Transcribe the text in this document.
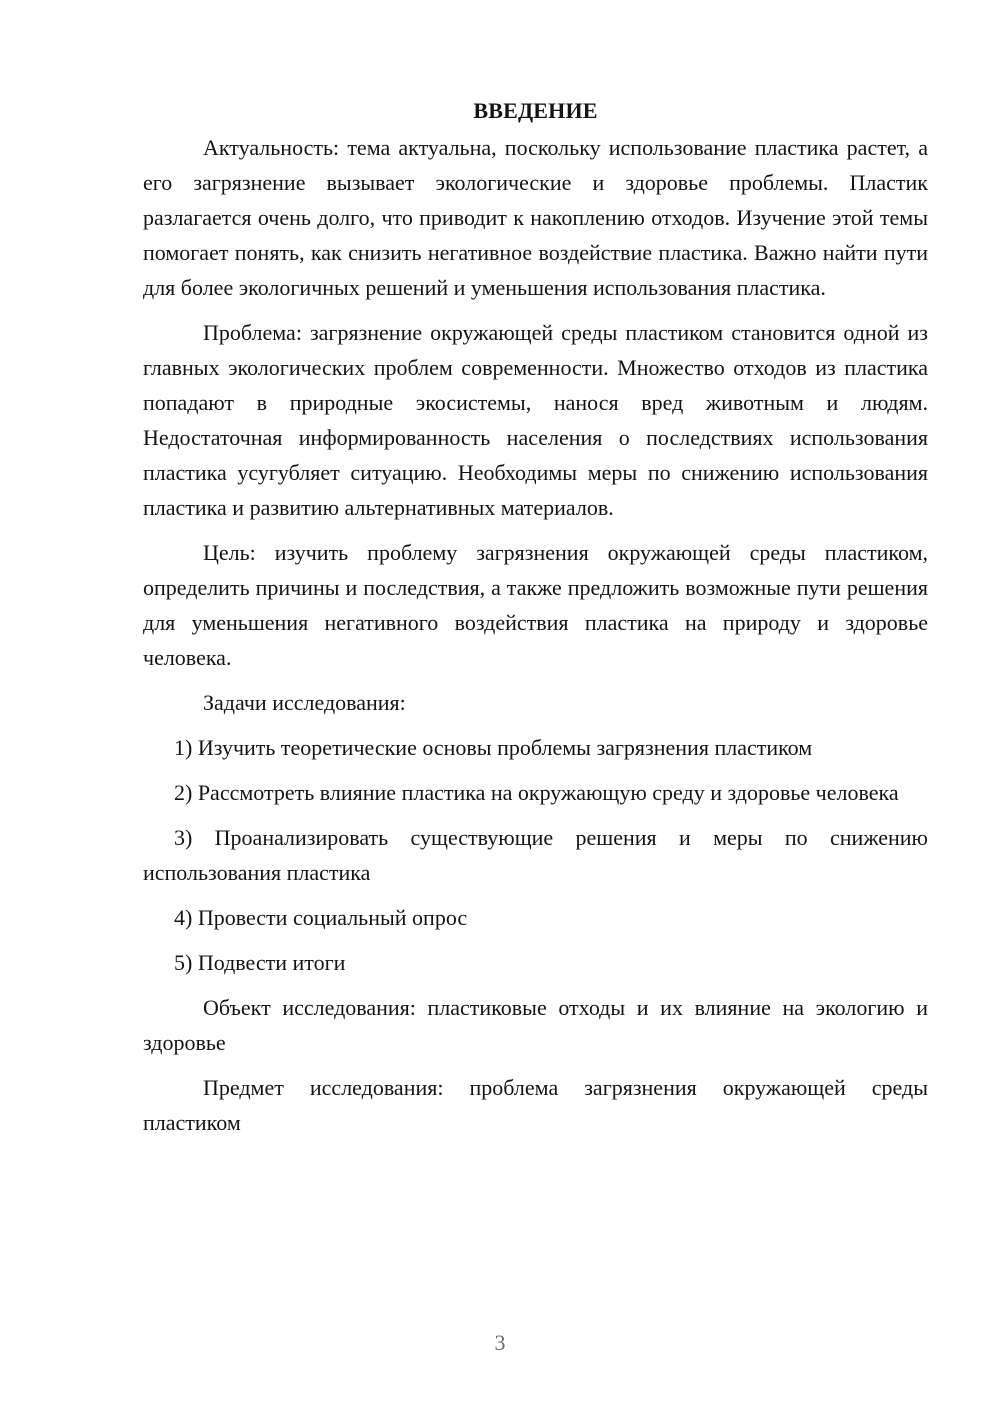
ВВЕДЕНИЕ

Актуальность: тема актуальна, поскольку использование пластика растет, а его загрязнение вызывает экологические и здоровье проблемы. Пластик разлагается очень долго, что приводит к накоплению отходов. Изучение этой темы помогает понять, как снизить негативное воздействие пластика. Важно найти пути для более экологичных решений и уменьшения использования пластика.

Проблема: загрязнение окружающей среды пластиком становится одной из главных экологических проблем современности. Множество отходов из пластика попадают в природные экосистемы, нанося вред животным и людям. Недостаточная информированность населения о последствиях использования пластика усугубляет ситуацию. Необходимы меры по снижению использования пластика и развитию альтернативных материалов.

Цель: изучить проблему загрязнения окружающей среды пластиком, определить причины и последствия, а также предложить возможные пути решения для уменьшения негативного воздействия пластика на природу и здоровье человека.

Задачи исследования:

1) Изучить теоретические основы проблемы загрязнения пластиком

2) Рассмотреть влияние пластика на окружающую среду и здоровье человека

3) Проанализировать существующие решения и меры по снижению использования пластика

4) Провести социальный опрос

5) Подвести итоги

Объект исследования: пластиковые отходы и их влияние на экологию и здоровье

Предмет исследования: проблема загрязнения окружающей среды пластиком

3
